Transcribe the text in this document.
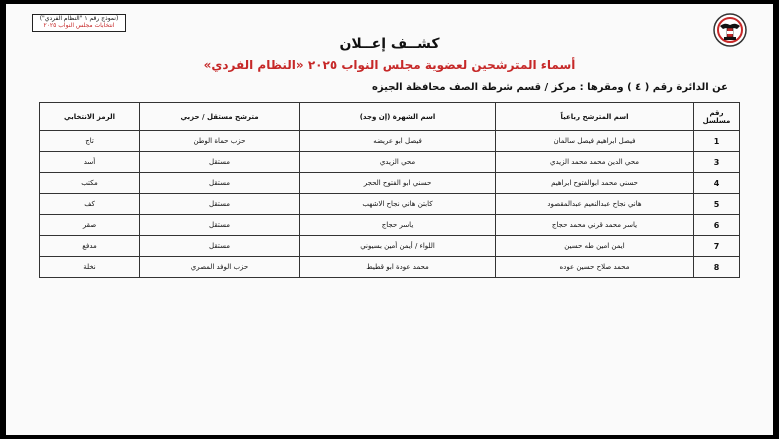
(نموذج رقم ١ "النظام الفردي")
انتخابات مجلس النواب ٢٠٢٥
كشــف إعــلان
أسماء المترشحين لعضوية مجلس النواب ٢٠٢٥ «النظام الفردي»
عن الدائرة رقم ( ٤ ) ومقرها : مركز / قسم شرطة الصف محافظة الجيزه
رقم مسلسل	اسم المترشح رباعياً	اسم الشهرة (إن وجد)	مترشح مستقل / حزبي	الرمز الانتخابي
1	فيصل ابراهيم فيصل سالمان	فيصل ابو عريضه	حزب حماة الوطن	تاج
3	محي الدين محمد محمد الزيدي	محي الزيدي	مستقل	أسد
4	حسني محمد ابوالفتوح ابراهيم	حسني ابو الفتوح الحجر	مستقل	مكتب
5	هاني نجاح عبدالنعيم عبدالمقصود	كابتن هاني نجاح الاشهب	مستقل	كف
6	ياسر محمد قرني محمد حجاج	ياسر حجاج	مستقل	صقر
7	ايمن امين طه حسين	اللواء / أيمن أمين بسيوني	مستقل	مدفع
8	محمد صلاح حسين عوده	محمد عودة ابو قطيط	حزب الوفد المصري	نخلة
